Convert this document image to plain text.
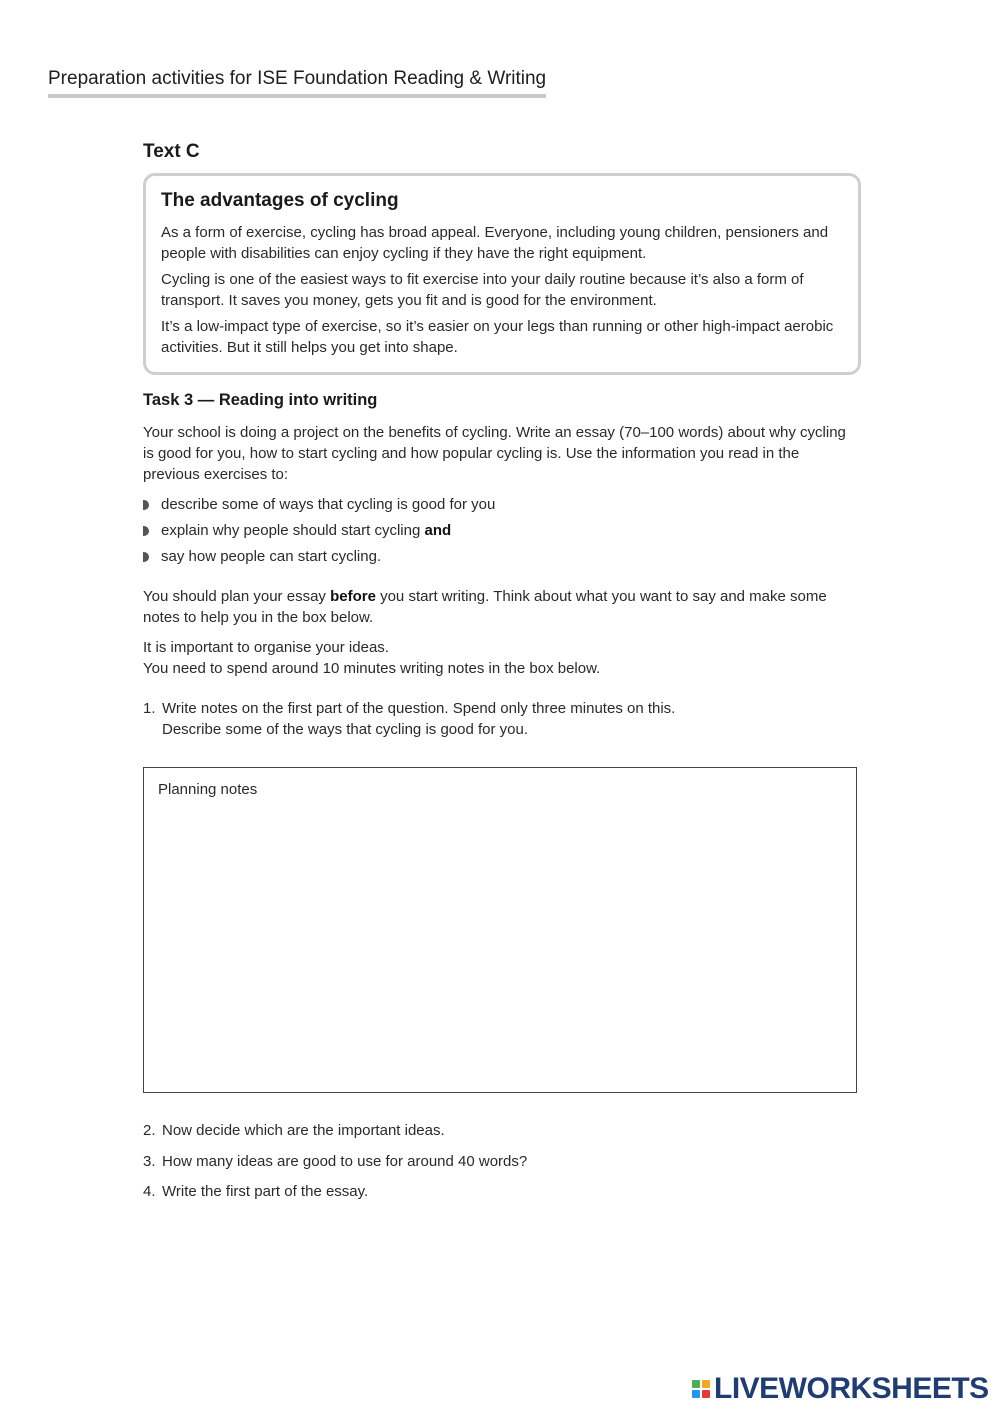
Preparation activities for ISE Foundation Reading & Writing
Text C
The advantages of cycling

As a form of exercise, cycling has broad appeal. Everyone, including young children, pensioners and people with disabilities can enjoy cycling if they have the right equipment.

Cycling is one of the easiest ways to fit exercise into your daily routine because it’s also a form of transport. It saves you money, gets you fit and is good for the environment.

It’s a low-impact type of exercise, so it’s easier on your legs than running or other high-impact aerobic activities. But it still helps you get into shape.

Task 3 — Reading into writing

Your school is doing a project on the benefits of cycling. Write an essay (70–100 words) about why cycling is good for you, how to start cycling and how popular cycling is. Use the information you read in the previous exercises to:

describe some of ways that cycling is good for you
explain why people should start cycling and
say how people can start cycling.

You should plan your essay before you start writing. Think about what you want to say and make some notes to help you in the box below.

It is important to organise your ideas.
You need to spend around 10 minutes writing notes in the box below.

1. Write notes on the first part of the question. Spend only three minutes on this.
Describe some of the ways that cycling is good for you.
Planning notes
2. Now decide which are the important ideas.
3. How many ideas are good to use for around 40 words?
4. Write the first part of the essay.
LIVEWORKSHEETS
